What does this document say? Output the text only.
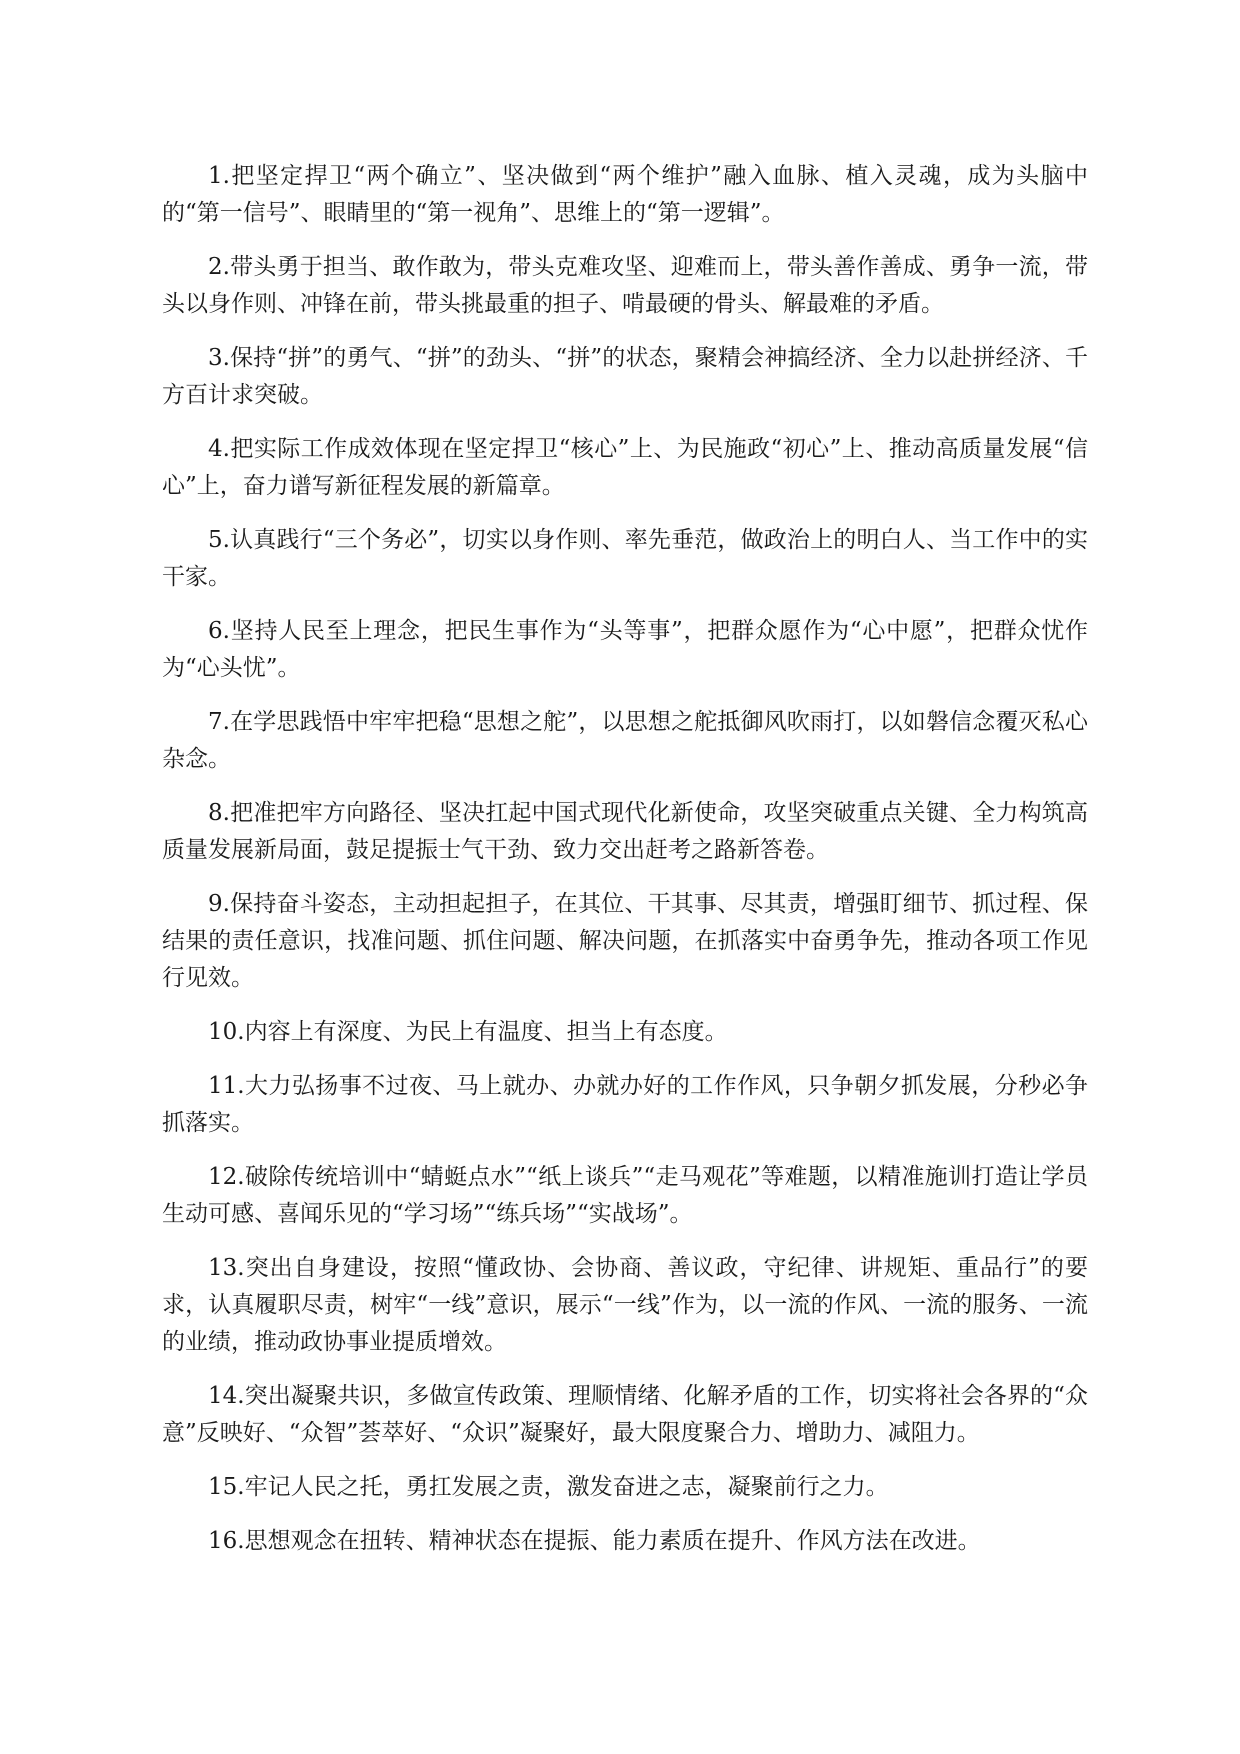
1.把坚定捍卫“两个确立”、坚决做到“两个维护”融入血脉、植入灵魂，成为头脑中的“第一信号”、眼睛里的“第一视角”、思维上的“第一逻辑”。

2.带头勇于担当、敢作敢为，带头克难攻坚、迎难而上，带头善作善成、勇争一流，带头以身作则、冲锋在前，带头挑最重的担子、啃最硬的骨头、解最难的矛盾。

3.保持“拼”的勇气、“拼”的劲头、“拼”的状态，聚精会神搞经济、全力以赴拼经济、千方百计求突破。

4.把实际工作成效体现在坚定捍卫“核心”上、为民施政“初心”上、推动高质量发展“信心”上，奋力谱写新征程发展的新篇章。

5.认真践行“三个务必”，切实以身作则、率先垂范，做政治上的明白人、当工作中的实干家。

6.坚持人民至上理念，把民生事作为“头等事”，把群众愿作为“心中愿”，把群众忧作为“心头忧”。

7.在学思践悟中牢牢把稳“思想之舵”，以思想之舵抵御风吹雨打，以如磐信念覆灭私心杂念。

8.把准把牢方向路径、坚决扛起中国式现代化新使命，攻坚突破重点关键、全力构筑高质量发展新局面，鼓足提振士气干劲、致力交出赶考之路新答卷。

9.保持奋斗姿态，主动担起担子，在其位、干其事、尽其责，增强盯细节、抓过程、保结果的责任意识，找准问题、抓住问题、解决问题，在抓落实中奋勇争先，推动各项工作见行见效。

10.内容上有深度、为民上有温度、担当上有态度。

11.大力弘扬事不过夜、马上就办、办就办好的工作作风，只争朝夕抓发展，分秒必争抓落实。

12.破除传统培训中“蜻蜓点水”“纸上谈兵”“走马观花”等难题，以精准施训打造让学员生动可感、喜闻乐见的“学习场”“练兵场”“实战场”。

13.突出自身建设，按照“懂政协、会协商、善议政，守纪律、讲规矩、重品行”的要求，认真履职尽责，树牢“一线”意识，展示“一线”作为，以一流的作风、一流的服务、一流的业绩，推动政协事业提质增效。

14.突出凝聚共识，多做宣传政策、理顺情绪、化解矛盾的工作，切实将社会各界的“众意”反映好、“众智”荟萃好、“众识”凝聚好，最大限度聚合力、增助力、减阻力。

15.牢记人民之托，勇扛发展之责，激发奋进之志，凝聚前行之力。

16.思想观念在扭转、精神状态在提振、能力素质在提升、作风方法在改进。
